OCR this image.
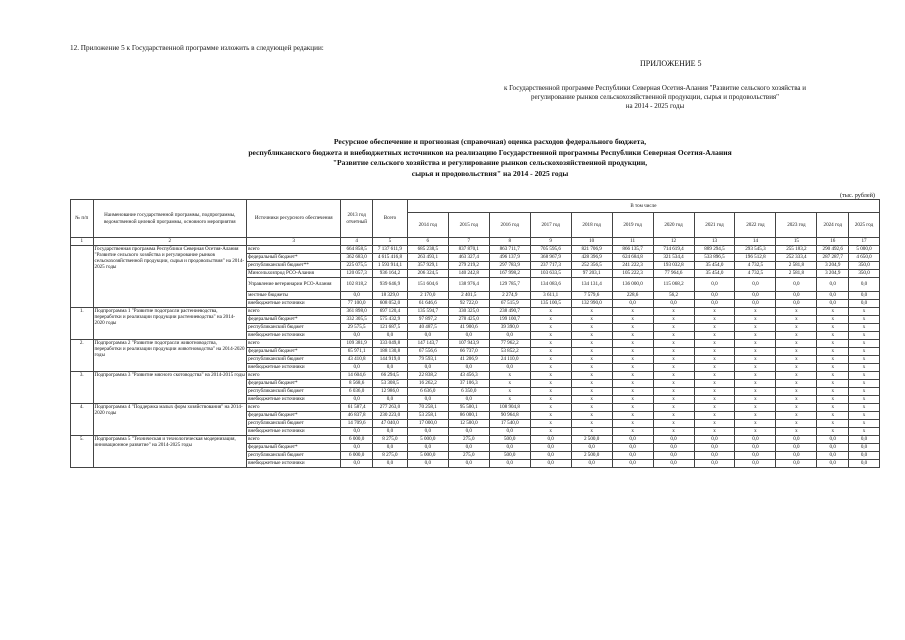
12. Приложение 5 к Государственной программе изложить в следующей редакции:
ПРИЛОЖЕНИЕ 5
к Государственной программе Республики Северная Осетия-Алания "Развитие сельского хозяйства и
регулирование рынков сельскохозяйственной продукции, сырья и продовольствия"
на 2014 - 2025 годы
Ресурсное обеспечение и прогнозная (справочная) оценка расходов федерального бюджета,
республиканского бюджета и внебюджетных источников на реализацию Государственной программы Республики Северная Осетия-Алания
"Развитие сельского хозяйства и регулирование рынков сельскохозяйственной продукции,
сырья и продовольствия" на 2014 - 2025 годы
(тыс. рублей)
№ п/п	Наименование государственной программы, подпрограммы, ведомственной целевой программы, основного мероприятия	Источники ресурсного обеспечения	2013 год отчетный	Всего	В том числе											
					2014 год	2015 год	2016 год	2017 год	2018 год	2019 год	2020 год	2021 год	2022 год	2023 год	2024 год	2025 год
1	2	3	4	5	6	7	8	9	10	11	12	13	14	15	16	17
	Государственная программа Республики Северная Осетия-Алания "Развитие сельского хозяйства и регулирование рынков сельскохозяйственной продукции, сырья и продовольствия" на 2014-2025 годы	всего	664 858,5	7 137 611,9	685 238,5	837 870,1	863 711,7	705 595,6	821 706,9	866 135,7	714 619,4	889 294,5	293 545,3	255 183,2	290 492,6	5 000,0
		федеральный бюджет*	362 683,0	4 615 416,8	263 493,1	463 327,4	496 137,9	368 967,9	428 396,9	624 684,8	321 534,4	533 896,5	196 512,8	252 333,4	287 287,7	4 650,0
		республиканский бюджет**	225 075,5	1 593 914,1	357 929,1	279 219,2	297 783,9	237 717,3	252 356,5	241 222,3	193 032,8	35 454,0	4 732,5	2 581,8	3 204,9	350,0
		Минсельхозпрод РСО-Алания	120 057,3	936 164,2	206 324,5	140 242,8	167 998,2	103 633,5	97 203,1	105 222,3	77 964,6	35 454,0	4 732,5	2 581,8	3 204,9	350,0
		Управление ветеринарии РСО-Алания	102 818,2	939 646,9	151 604,6	138 976,4	129 785,7	134 083,6	134 131,4	136 000,0	115 068,2	0,0	0,0	0,0	0,0	0,0
		местные бюджеты	0,0	18 329,0	2 170,0	2 401,5	2 274,9	3 611,1	7 579,6	228,6	56,2	0,0	0,0	0,0	0,0	0,0
		внебюджетные источники	77 100,0	608 052,0	61 646,6	92 722,0	67 515,9	135 100,5	132 990,0	0,0	0,0	0,0	0,0	0,0	0,0	0,0
1.	Подпрограмма 1 "Развитие подотрасли растениеводства, переработки и реализации продукции растениеводства" на 2014-2020 годы	всего	361 898,0	697 120,4	135 594,7	330 325,0	238 490,7	х	х	х	х	х	х	х	х	х
		федеральный бюджет*	332 305,5	575 432,9	97 897,2	278 425,0	199 100,7	х	х	х	х	х	х	х	х	х
		республиканский бюджет	29 575,5	121 687,5	40 487,5	41 900,6	39 390,0	х	х	х	х	х	х	х	х	х
		внебюджетные источники	0,0	0,0	0,0	0,0	0,0	х	х	х	х	х	х	х	х	х
2.	Подпрограмма 2 "Развитие подотрасли животноводства, переработки и реализации продукции животноводства" на 2014-2020 годы	всего	109 381,9	333 049,8	147 143,7	107 943,9	77 962,2	х	х	х	х	х	х	х	х	х
		федеральный бюджет*	65 971,1	188 130,8	67 556,6	66 737,0	53 852,2	х	х	х	х	х	х	х	х	х
		республиканский бюджет	43 410,8	144 919,0	79 593,1	41 206,9	24 110,0	х	х	х	х	х	х	х	х	х
		внебюджетные источники	0,0	0,0	0,0	0,0	0,0	х	х	х	х	х	х	х	х	х
3.	Подпрограмма 3 "Развитие мясного скотоводства" на 2014-2015 годы	всего	14 604,6	66 294,5	22 838,2	43 456,3	х	х	х	х	х	х	х	х	х	х
		федеральный бюджет*	8 568,6	53 308,5	16 262,2	37 106,3	х	х	х	х	х	х	х	х	х	х
		республиканский бюджет	6 036,0	12 986,0	6 636,0	6 350,0	х	х	х	х	х	х	х	х	х	х
		внебюджетные источники	0,0	0,0	0,0	0,0	х	х	х	х	х	х	х	х	х	х
4.	Подпрограмма 4 "Поддержка малых форм хозяйствования" на 2014-2020 годы	всего	61 587,4	277 263,0	70 258,1	95 500,1	108 904,8	х	х	х	х	х	х	х	х	х
		федеральный бюджет*	46 837,8	230 223,0	53 258,1	86 000,1	90 964,8	х	х	х	х	х	х	х	х	х
		республиканский бюджет	14 709,6	47 040,0	17 000,0	12 500,0	17 540,0	х	х	х	х	х	х	х	х	х
		внебюджетные источники	0,0	0,0	0,0	0,0	0,0	х	х	х	х	х	х	х	х	х
5.	Подпрограмма 5 "Техническая и технологическая модернизация, инновационное развитие" на 2014-2025 годы	всего	6 000,0	8 275,0	5 000,0	275,0	500,0	0,0	2 500,0	0,0	0,0	0,0	0,0	0,0	0,0	0,0
		федеральный бюджет*	0,0	0,0	0,0	0,0	0,0	0,0	0,0	0,0	0,0	0,0	0,0	0,0	0,0	0,0
		республиканский бюджет	6 000,0	8 275,0	5 000,0	275,0	500,0	0,0	2 500,0	0,0	0,0	0,0	0,0	0,0	0,0	0,0
		внебюджетные источники	0,0	0,0	0,0	0,0	0,0	0,0	0,0	0,0	0,0	0,0	0,0	0,0	0,0	0,0
